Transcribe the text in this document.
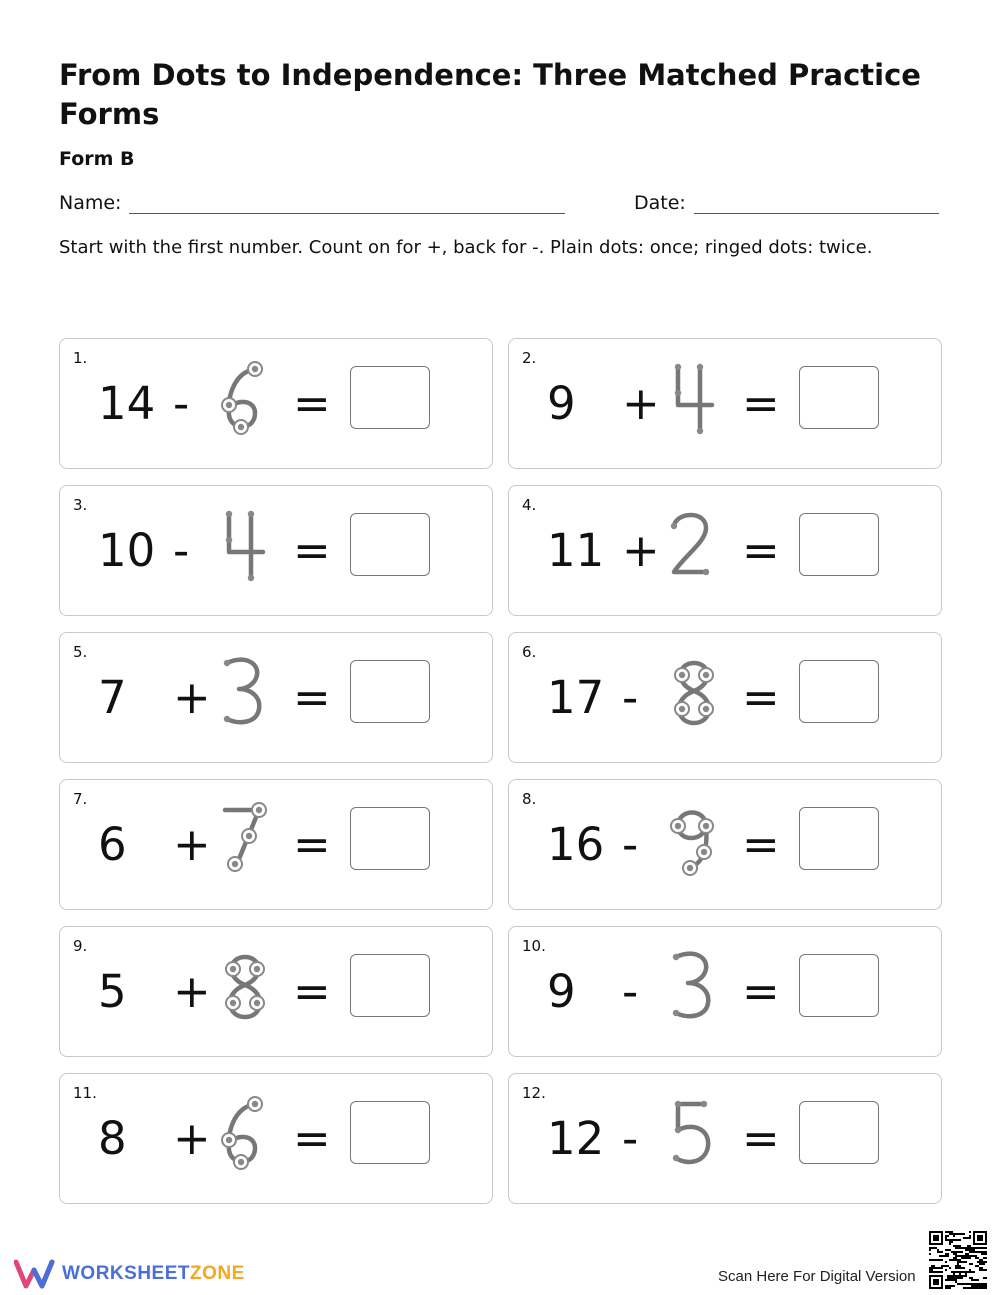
From Dots to Independence: Three Matched Practice Forms
Form B
Name:	Date:
Start with the first number. Count on for +, back for -. Plain dots: once; ringed dots: twice.
1.
14 - =
2.
9 + =
3.
10 - =
4.
11 + =
5.
7 + =
6.
17 - =
7.
6 + =
8.
16 - =
9.
5 + =
10.
9 - =
11.
8 + =
12.
12 - =
WORKSHEETZONE	Scan Here For Digital Version
